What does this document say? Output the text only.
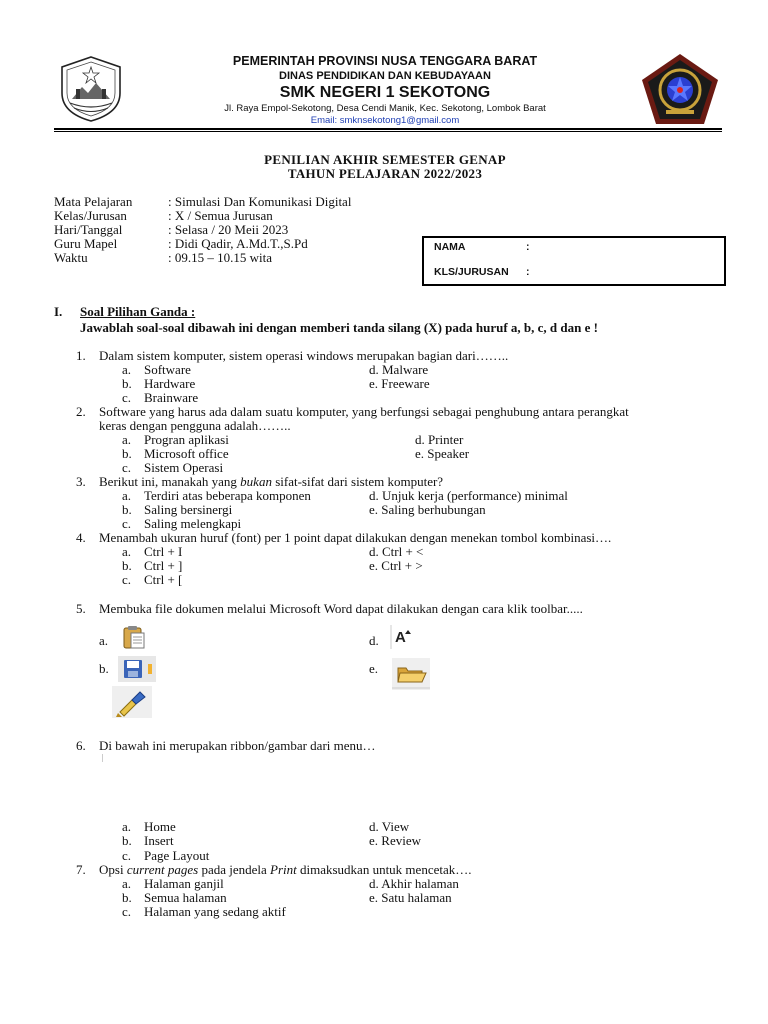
PEMERINTAH PROVINSI NUSA TENGGARA BARAT
DINAS PENDIDIKAN DAN KEBUDAYAAN
SMK NEGERI 1 SEKOTONG
Jl. Raya Empol-Sekotong, Desa Cendi Manik, Kec. Sekotong, Lombok Barat
Email: smknsekotong1@gmail.com
PENILIAN AKHIR SEMESTER GENAP
TAHUN PELAJARAN 2022/2023
Mata Pelajaran	: Simulasi Dan Komunikasi Digital
Kelas/Jurusan	: X / Semua Jurusan
Hari/Tanggal	: Selasa / 20 Meii 2023
Guru Mapel	: Didi Qadir, A.Md.T.,S.Pd
Waktu	: 09.15 – 10.15 wita
NAMA	:
KLS/JURUSAN :
I. Soal Pilihan Ganda :
Jawablah soal-soal dibawah ini dengan memberi tanda silang (X) pada huruf a, b, c, d dan e !
1. Dalam sistem komputer, sistem operasi windows merupakan bagian dari……..
a. Software
b. Hardware
c. Brainware
d. Malware
e. Freeware
2. Software yang harus ada dalam suatu komputer, yang berfungsi sebagai penghubung antara perangkat
keras dengan pengguna adalah……..
a. Progran aplikasi
b. Microsoft office
c. Sistem Operasi
d. Printer
e. Speaker
3. Berikut ini, manakah yang bukan sifat-sifat dari sistem komputer?
a. Terdiri atas beberapa komponen
b. Saling bersinergi
c. Saling melengkapi
d. Unjuk kerja (performance) minimal
e. Saling berhubungan
4. Menambah ukuran huruf (font) per 1 point dapat dilakukan dengan menekan tombol kombinasi….
a. Ctrl + I
b. Ctrl + ]
c. Ctrl + [
d. Ctrl + <
e. Ctrl + >
5. Membuka file dokumen melalui Microsoft Word dapat dilakukan dengan cara klik toolbar.....
a.	d. A
b.	e.
6. Di bawah ini merupakan ribbon/gambar dari menu…
a. Home
b. Insert
c. Page Layout
d. View
e. Review
7. Opsi current pages pada jendela Print dimaksudkan untuk mencetak….
a. Halaman ganjil
b. Semua halaman
c. Halaman yang sedang aktif
d. Akhir halaman
e. Satu halaman
